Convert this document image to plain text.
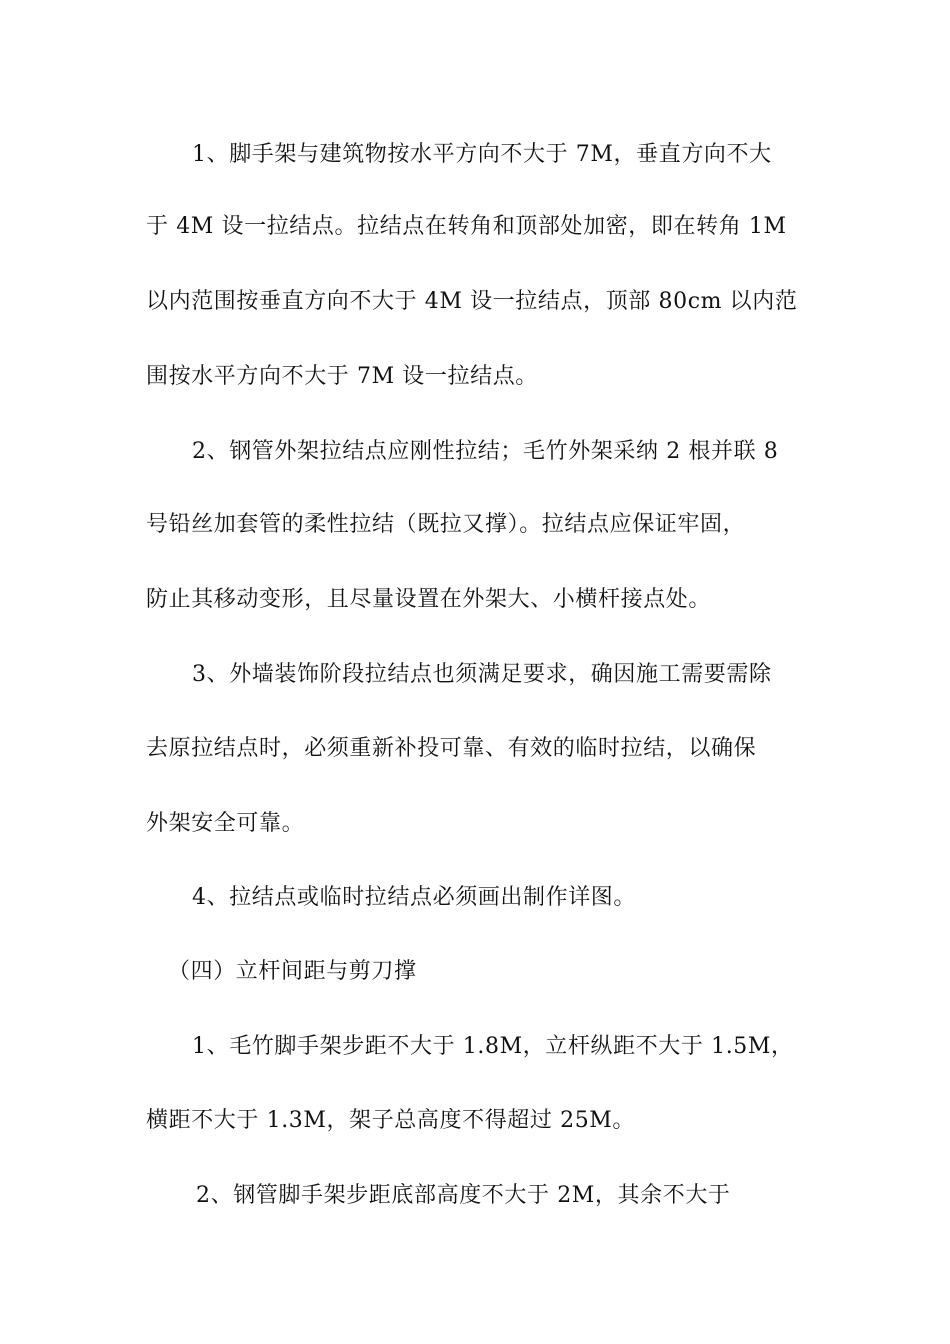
1、脚手架与建筑物按水平方向不大于 7M，垂直方向不大
于 4M 设一拉结点。拉结点在转角和顶部处加密，即在转角 1M
以内范围按垂直方向不大于 4M 设一拉结点，顶部 80cm 以内范
围按水平方向不大于 7M 设一拉结点。
2、钢管外架拉结点应刚性拉结；毛竹外架采纳 2 根并联 8
号铅丝加套管的柔性拉结（既拉又撑）。拉结点应保证牢固，
防止其移动变形，且尽量设置在外架大、小横杆接点处。
3、外墙装饰阶段拉结点也须满足要求，确因施工需要需除
去原拉结点时，必须重新补投可靠、有效的临时拉结，以确保
外架安全可靠。
4、拉结点或临时拉结点必须画出制作详图。
（四）立杆间距与剪刀撑
1、毛竹脚手架步距不大于 1.8M，立杆纵距不大于 1.5M，
横距不大于 1.3M，架子总高度不得超过 25M。
2、钢管脚手架步距底部高度不大于 2M，其余不大于
